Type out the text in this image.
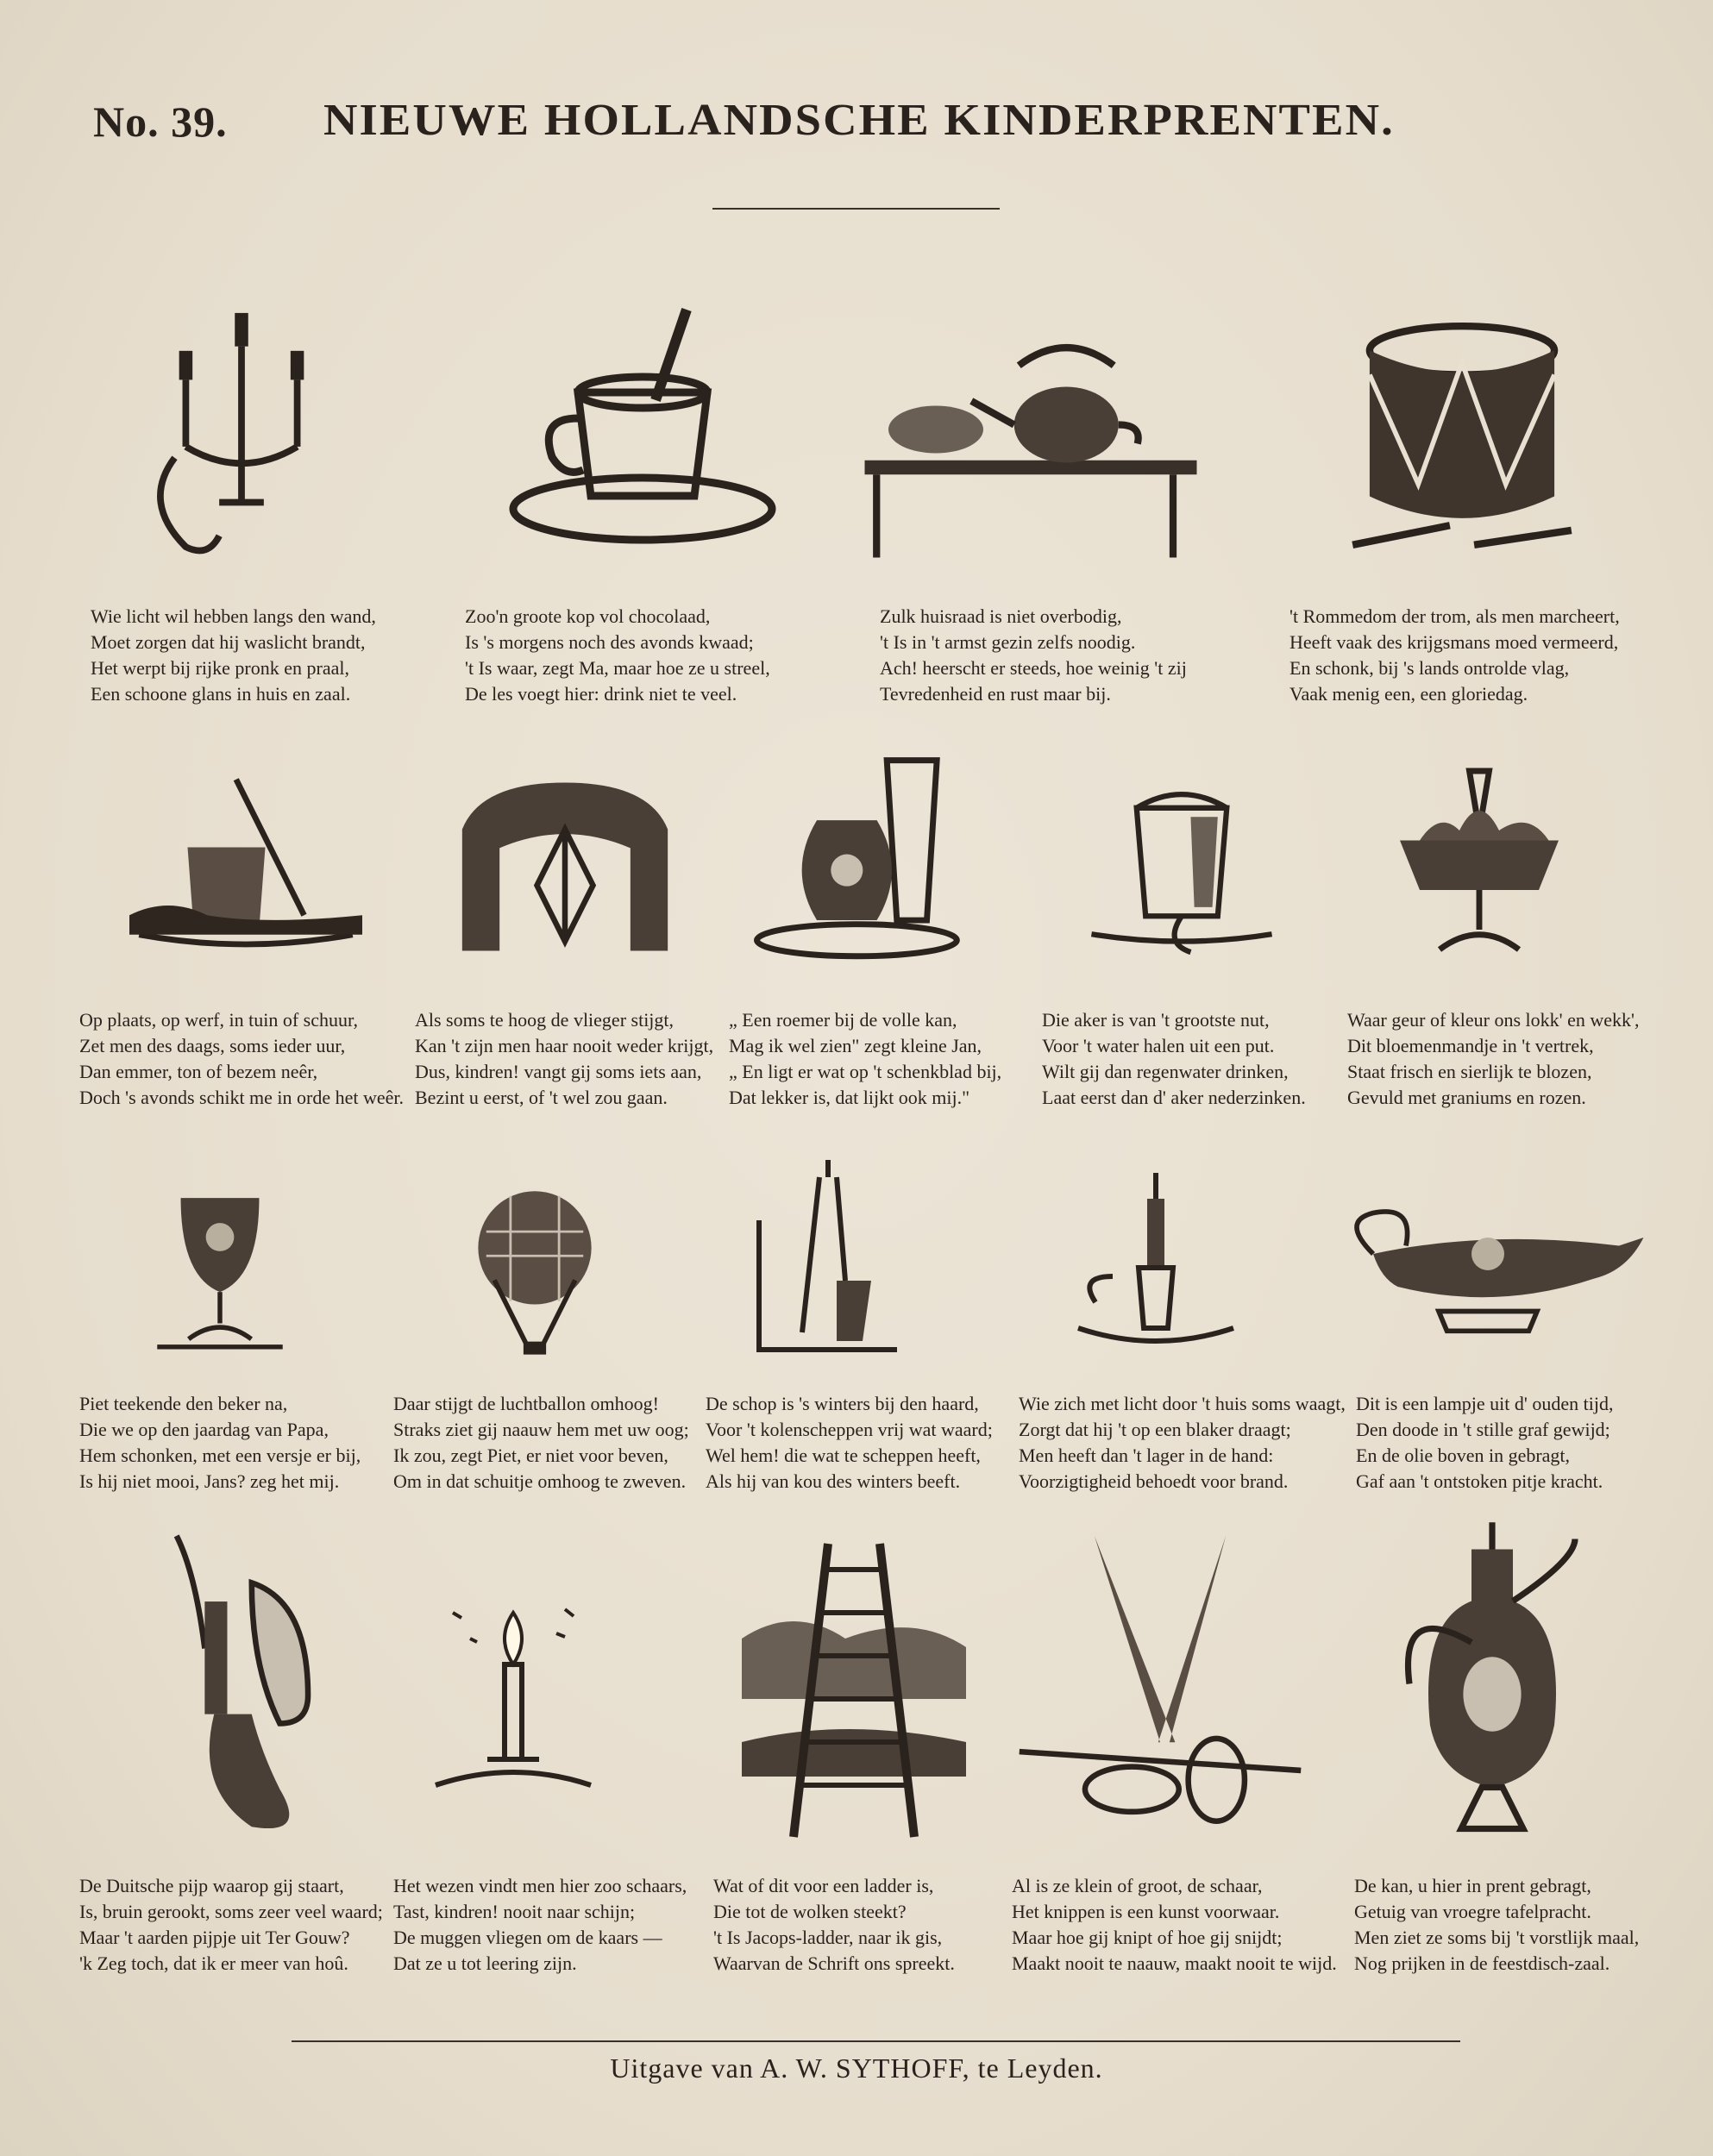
No. 39. NIEUWE HOLLANDSCHE KINDERPRENTEN.
Wie licht wil hebben langs den wand,
Moet zorgen dat hij waslicht brandt,
Het werpt bij rijke pronk en praal,
Een schoone glans in huis en zaal.
Zoo'n groote kop vol chocolaad,
Is 's morgens noch des avonds kwaad;
't Is waar, zegt Ma, maar hoe ze u streel,
De les voegt hier: drink niet te veel.
Zulk huisraad is niet overbodig,
't Is in 't armst gezin zelfs noodig.
Ach! heerscht er steeds, hoe weinig 't zij
Tevredenheid en rust maar bij.
't Rommedom der trom, als men marcheert,
Heeft vaak des krijgsmans moed vermeerd,
En schonk, bij 's lands ontrolde vlag,
Vaak menig een, een gloriedag.
Op plaats, op werf, in tuin of schuur,
Zet men des daags, soms ieder uur,
Dan emmer, ton of bezem neêr,
Doch 's avonds schikt me in orde het weêr.
Als soms te hoog de vlieger stijgt,
Kan 't zijn men haar nooit weder krijgt,
Dus, kindren! vangt gij soms iets aan,
Bezint u eerst, of 't wel zou gaan.
„ Een roemer bij de volle kan,
Mag ik wel zien" zegt kleine Jan,
„ En ligt er wat op 't schenkblad bij,
Dat lekker is, dat lijkt ook mij."
Die aker is van 't grootste nut,
Voor 't water halen uit een put.
Wilt gij dan regenwater drinken,
Laat eerst dan d' aker nederzinken.
Waar geur of kleur ons lokk' en wekk',
Dit bloemenmandje in 't vertrek,
Staat frisch en sierlijk te blozen,
Gevuld met graniums en rozen.
Piet teekende den beker na,
Die we op den jaardag van Papa,
Hem schonken, met een versje er bij,
Is hij niet mooi, Jans? zeg het mij.
Daar stijgt de luchtballon omhoog!
Straks ziet gij naauw hem met uw oog;
Ik zou, zegt Piet, er niet voor beven,
Om in dat schuitje omhoog te zweven.
De schop is 's winters bij den haard,
Voor 't kolenscheppen vrij wat waard;
Wel hem! die wat te scheppen heeft,
Als hij van kou des winters beeft.
Wie zich met licht door 't huis soms waagt,
Zorgt dat hij 't op een blaker draagt;
Men heeft dan 't lager in de hand:
Voorzigtigheid behoedt voor brand.
Dit is een lampje uit d' ouden tijd,
Den doode in 't stille graf gewijd;
En de olie boven in gebragt,
Gaf aan 't ontstoken pitje kracht.
De Duitsche pijp waarop gij staart,
Is, bruin gerookt, soms zeer veel waard;
Maar 't aarden pijpje uit Ter Gouw?
'k Zeg toch, dat ik er meer van hoû.
Het wezen vindt men hier zoo schaars,
Tast, kindren! nooit naar schijn;
De muggen vliegen om de kaars —
Dat ze u tot leering zijn.
Wat of dit voor een ladder is,
Die tot de wolken steekt?
't Is Jacops-ladder, naar ik gis,
Waarvan de Schrift ons spreekt.
Al is ze klein of groot, de schaar,
Het knippen is een kunst voorwaar.
Maar hoe gij knipt of hoe gij snijdt;
Maakt nooit te naauw, maakt nooit te wijd.
De kan, u hier in prent gebragt,
Getuig van vroegre tafelpracht.
Men ziet ze soms bij 't vorstlijk maal,
Nog prijken in de feestdisch-zaal.
Uitgave van A. W. SYTHOFF, te Leyden.
